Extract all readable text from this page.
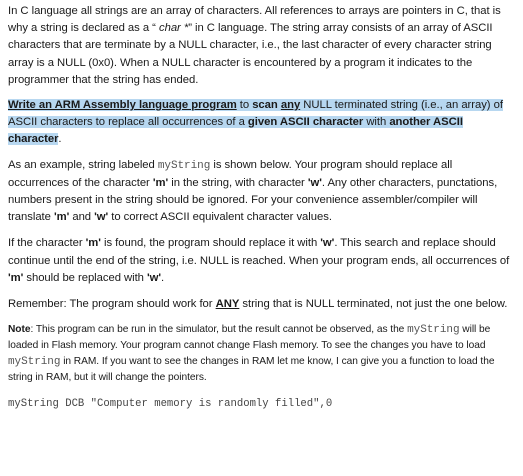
In C language all strings are an array of characters. All references to arrays are pointers in C, that is why a string is declared as a “ char *” in C language. The string array consists of an array of ASCII characters that are terminate by a NULL character, i.e., the last character of every character string array is a NULL (0x0). When a NULL character is encountered by a program it indicates to the programmer that the string has ended.

Write an ARM Assembly language program to scan any NULL terminated string (i.e., an array) of ASCII characters to replace all occurrences of a given ASCII character with another ASCII character.

As an example, string labeled myString is shown below. Your program should replace all occurrences of the character 'm' in the string, with character 'w'. Any other characters, punctations, numbers present in the string should be ignored. For your convenience assembler/compiler will translate 'm' and 'w' to correct ASCII equivalent character values.

If the character 'm' is found, the program should replace it with 'w'. This search and replace should continue until the end of the string, i.e. NULL is reached. When your program ends, all occurrences of 'm' should be replaced with 'w'.

Remember: The program should work for ANY string that is NULL terminated, not just the one below.

Note: This program can be run in the simulator, but the result cannot be observed, as the myString will be loaded in Flash memory. Your program cannot change Flash memory. To see the changes you have to load myString in RAM. If you want to see the changes in RAM let me know, I can give you a function to load the string in RAM, but it will change the pointers.

myString DCB "Computer memory is randomly filled",0
